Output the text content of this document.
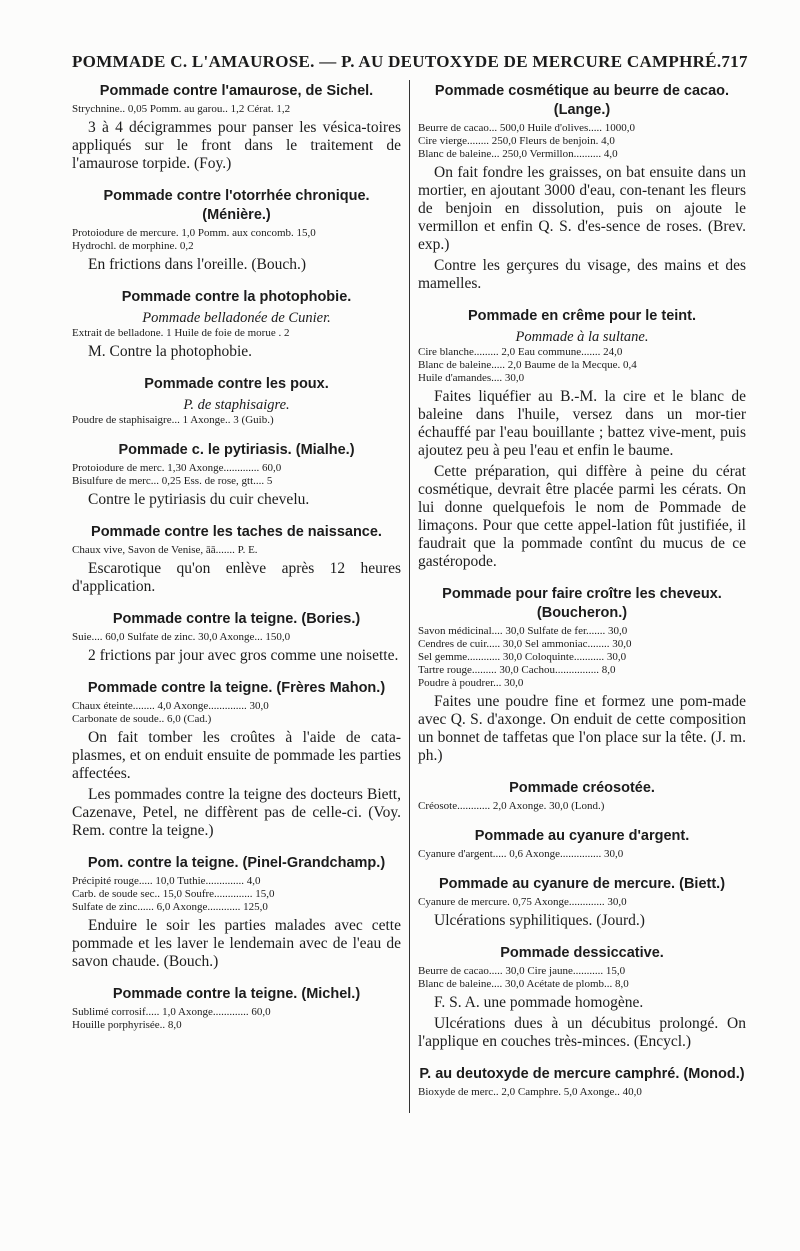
POMMADE C. L'AMAUROSE. — P. AU DEUTOXYDE DE MERCURE CAMPHRÉ. 717
Pommade contre l'amaurose, de Sichel.
Strychnine.. 0,05 Pomm. au garou.. 1,2 Cérat. 1,2

3 à 4 décigrammes pour panser les vésica-toires appliqués sur le front dans le traitement de l'amaurose torpide. (Foy.)

Pommade contre l'otorrhée chronique. (Ménière.)
Protoiodure de mercure. 1,0 Pomm. aux concomb. 15,0
Hydrochl. de morphine. 0,2

En frictions dans l'oreille. (Bouch.)

Pommade contre la photophobie.
Pommade belladonée de Cunier.
Extrait de belladone. 1 Huile de foie de morue . 2

M. Contre la photophobie.

Pommade contre les poux.
P. de staphisaigre.
Poudre de staphisaigre... 1 Axonge.. 3 (Guib.)
Pommade c. le pytiriasis. (Mialhe.)
Protoiodure de merc. 1,30 Axonge............. 60,0
Bisulfure de merc... 0,25 Ess. de rose, gtt.... 5

Contre le pytiriasis du cuir chevelu.

Pommade contre les taches de naissance.
Chaux vive, Savon de Venise, āā....... P. E.

Escarotique qu'on enlève après 12 heures d'application.

Pommade contre la teigne. (Bories.)
Suie.... 60,0 Sulfate de zinc. 30,0 Axonge... 150,0

2 frictions par jour avec gros comme une noisette.

Pommade contre la teigne. (Frères Mahon.)
Chaux éteinte........ 4,0 Axonge.............. 30,0
Carbonate de soude.. 6,0 (Cad.)

On fait tomber les croûtes à l'aide de cata-plasmes, et on enduit ensuite de pommade les parties affectées.

Les pommades contre la teigne des docteurs Biett, Cazenave, Petel, ne diffèrent pas de celle-ci. (Voy. Rem. contre la teigne.)

Pom. contre la teigne. (Pinel-Grandchamp.)
Précipité rouge..... 10,0 Tuthie.............. 4,0
Carb. de soude sec.. 15,0 Soufre.............. 15,0
Sulfate de zinc...... 6,0 Axonge............ 125,0

Enduire le soir les parties malades avec cette pommade et les laver le lendemain avec de l'eau de savon chaude. (Bouch.)

Pommade contre la teigne. (Michel.)
Sublimé corrosif..... 1,0 Axonge............. 60,0
Houille porphyrisée.. 8,0
Pommade cosmétique au beurre de cacao. (Lange.)
Beurre de cacao... 500,0 Huile d'olives..... 1000,0
Cire vierge........ 250,0 Fleurs de benjoin. 4,0
Blanc de baleine... 250,0 Vermillon.......... 4,0

On fait fondre les graisses, on bat ensuite dans un mortier, en ajoutant 3000 d'eau, con-tenant les fleurs de benjoin en dissolution, puis on ajoute le vermillon et enfin Q. S. d'es-sence de roses. (Brev. exp.)

Contre les gerçures du visage, des mains et des mamelles.

Pommade en crême pour le teint.
Pommade à la sultane.
Cire blanche......... 2,0 Eau commune....... 24,0
Blanc de baleine..... 2,0 Baume de la Mecque. 0,4
Huile d'amandes.... 30,0

Faites liquéfier au B.-M. la cire et le blanc de baleine dans l'huile, versez dans un mor-tier échauffé par l'eau bouillante ; battez vive-ment, puis ajoutez peu à peu l'eau et enfin le baume.

Cette préparation, qui diffère à peine du cérat cosmétique, devrait être placée parmi les cérats. On lui donne quelquefois le nom de Pommade de limaçons. Pour que cette appel-lation fût justifiée, il faudrait que la pommade contînt du mucus de ce gastéropode.

Pommade pour faire croître les cheveux. (Boucheron.)
Savon médicinal.... 30,0 Sulfate de fer....... 30,0
Cendres de cuir..... 30,0 Sel ammoniac........ 30,0
Sel gemme............ 30,0 Coloquinte........... 30,0
Tartre rouge......... 30,0 Cachou................ 8,0
Poudre à poudrer... 30,0

Faites une poudre fine et formez une pom-made avec Q. S. d'axonge. On enduit de cette composition un bonnet de taffetas que l'on place sur la tête. (J. m. ph.)

Pommade créosotée.
Créosote............ 2,0 Axonge. 30,0 (Lond.)
Pommade au cyanure d'argent.
Cyanure d'argent..... 0,6 Axonge............... 30,0
Pommade au cyanure de mercure. (Biett.)
Cyanure de mercure. 0,75 Axonge............. 30,0

Ulcérations syphilitiques. (Jourd.)

Pommade dessiccative.
Beurre de cacao..... 30,0 Cire jaune........... 15,0
Blanc de baleine.... 30,0 Acétate de plomb... 8,0

F. S. A. une pommade homogène.

Ulcérations dues à un décubitus prolongé. On l'applique en couches très-minces. (Encycl.)

P. au deutoxyde de mercure camphré. (Monod.)
Bioxyde de merc.. 2,0 Camphre. 5,0 Axonge.. 40,0
